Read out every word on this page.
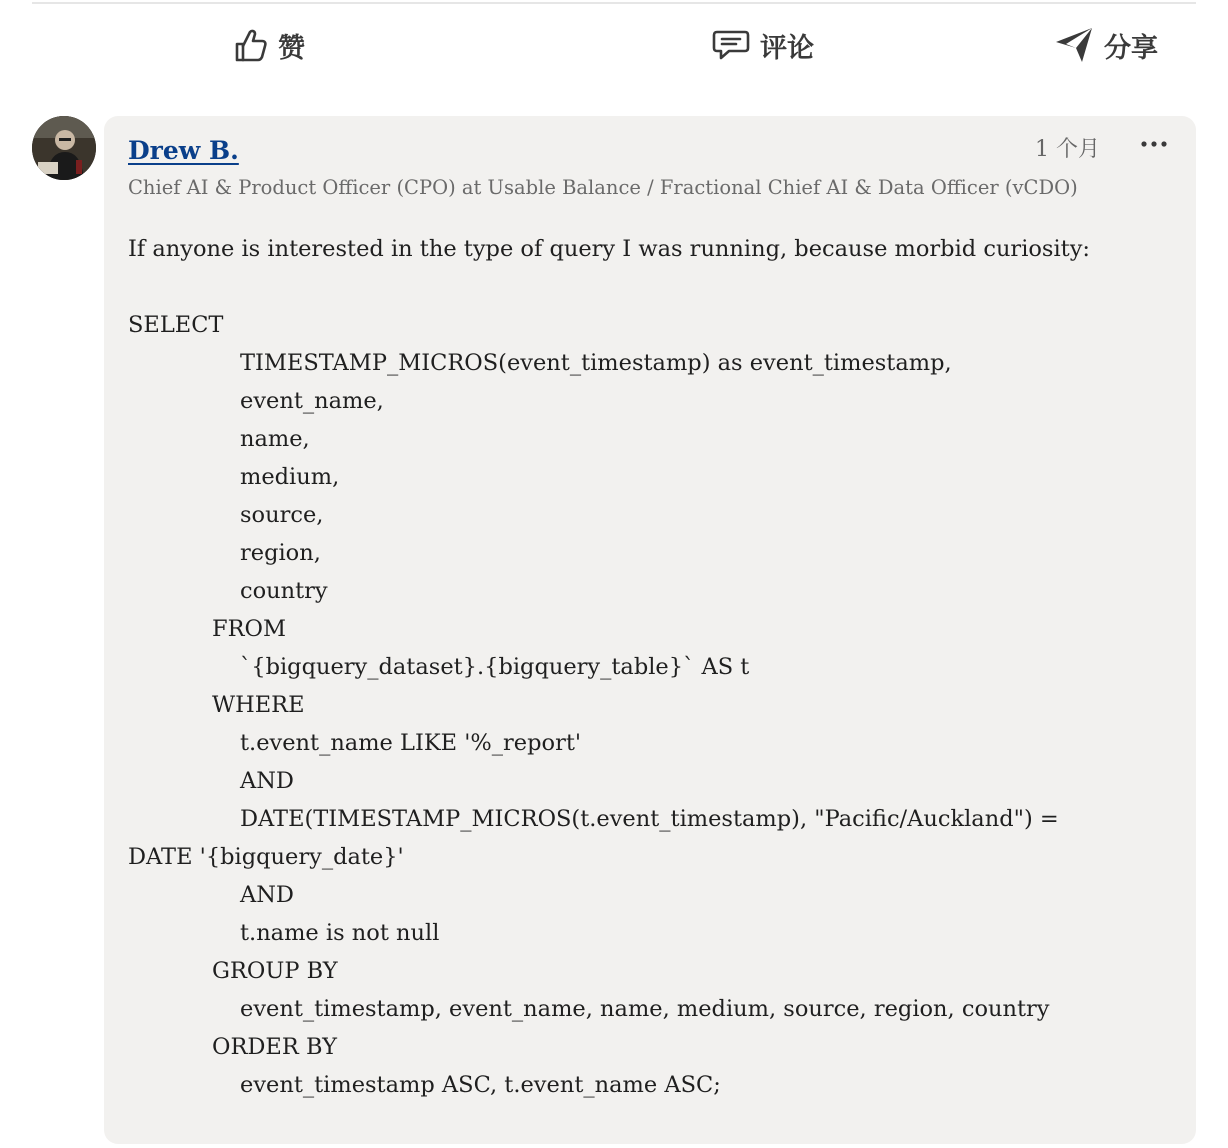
赞	评论	分享
Drew B.	1 个月
Chief AI & Product Officer (CPO) at Usable Balance / Fractional Chief AI & Data Officer (vCDO)
If anyone is interested in the type of query I was running, because morbid curiosity:
SELECT
TIMESTAMP_MICROS(event_timestamp) as event_timestamp,
event_name,
name,
medium,
source,
region,
country
FROM
`{bigquery_dataset}.{bigquery_table}` AS t
WHERE
t.event_name LIKE '%_report'
AND
DATE(TIMESTAMP_MICROS(t.event_timestamp), "Pacific/Auckland") =
DATE '{bigquery_date}'
AND
t.name is not null
GROUP BY
event_timestamp, event_name, name, medium, source, region, country
ORDER BY
event_timestamp ASC, t.event_name ASC;
